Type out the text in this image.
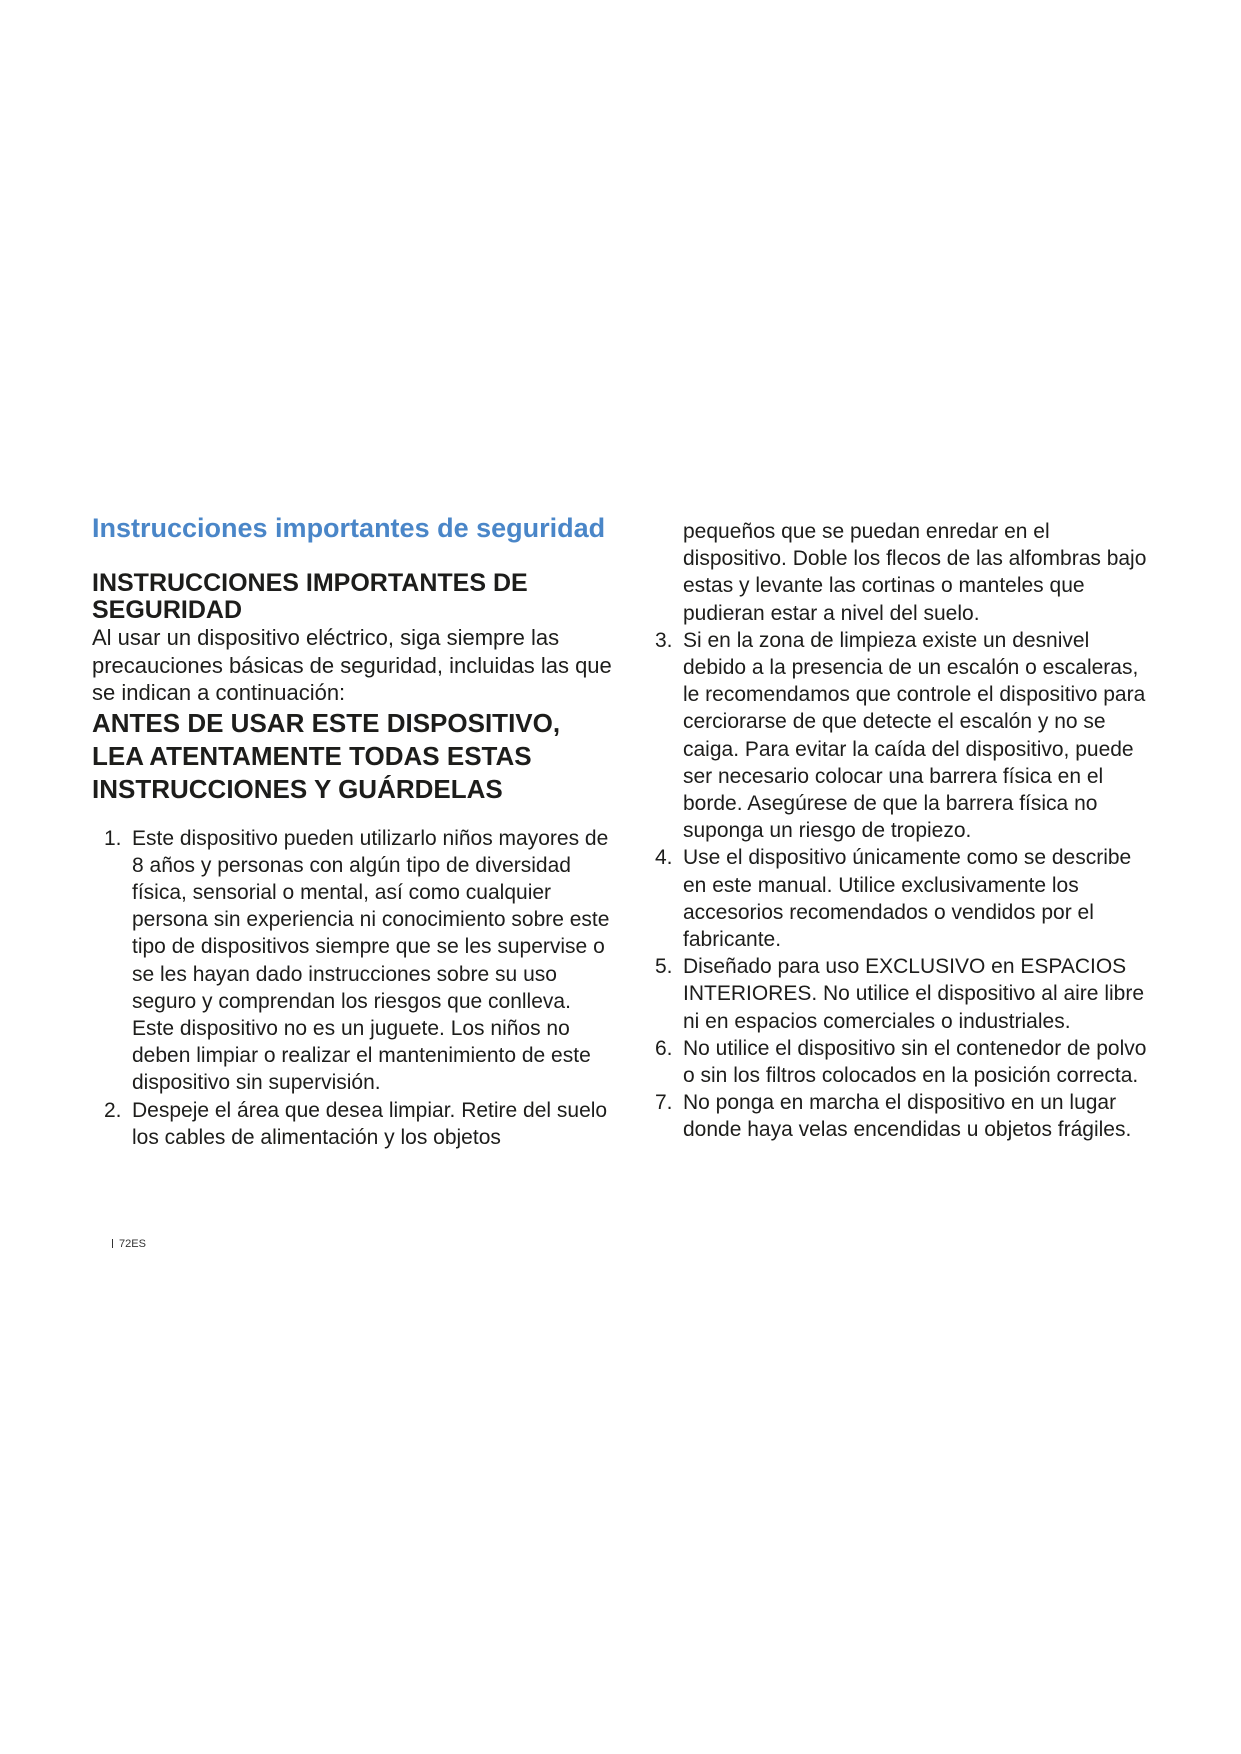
Instrucciones importantes de seguridad
INSTRUCCIONES IMPORTANTES DE SEGURIDAD

Al usar un dispositivo eléctrico, siga siempre las precauciones básicas de seguridad, incluidas las que se indican a continuación:

ANTES DE USAR ESTE DISPOSITIVO, LEA ATENTAMENTE TODAS ESTAS INSTRUCCIONES Y GUÁRDELAS

1. Este dispositivo pueden utilizarlo niños mayores de 8 años y personas con algún tipo de diversidad física, sensorial o mental, así como cualquier persona sin experiencia ni conocimiento sobre este tipo de dispositivos siempre que se les supervise o se les hayan dado instrucciones sobre su uso seguro y comprendan los riesgos que conlleva. Este dispositivo no es un juguete. Los niños no deben limpiar o realizar el mantenimiento de este dispositivo sin supervisión.
2. Despeje el área que desea limpiar. Retire del suelo los cables de alimentación y los objetos
pequeños que se puedan enredar en el dispositivo. Doble los flecos de las alfombras bajo estas y levante las cortinas o manteles que pudieran estar a nivel del suelo.
3. Si en la zona de limpieza existe un desnivel debido a la presencia de un escalón o escaleras, le recomendamos que controle el dispositivo para cerciorarse de que detecte el escalón y no se caiga. Para evitar la caída del dispositivo, puede ser necesario colocar una barrera física en el borde. Asegúrese de que la barrera física no suponga un riesgo de tropiezo.
4. Use el dispositivo únicamente como se describe en este manual. Utilice exclusivamente los accesorios recomendados o vendidos por el fabricante.
5. Diseñado para uso EXCLUSIVO en ESPACIOS INTERIORES. No utilice el dispositivo al aire libre ni en espacios comerciales o industriales.
6. No utilice el dispositivo sin el contenedor de polvo o sin los filtros colocados en la posición correcta.
7. No ponga en marcha el dispositivo en un lugar donde haya velas encendidas u objetos frágiles.
72ES
